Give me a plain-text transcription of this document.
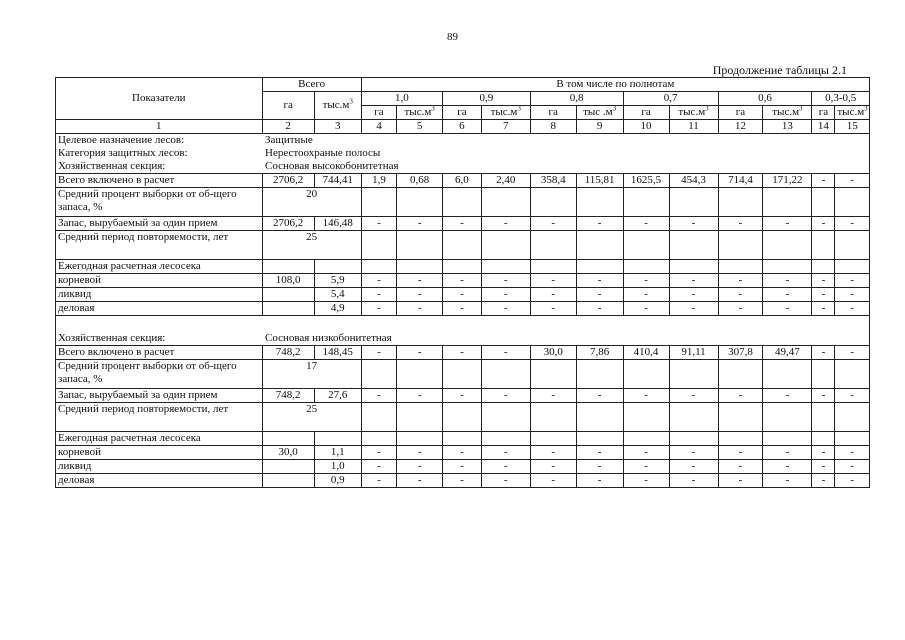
89
Продолжение таблицы 2.1
Показатели	Всего		В том числе по полнотам											
	га	$тыс.м^3$	1,0		0,9		0,8		0,7		0,6		0,3-0,5	
			га	$тыс.м^3$	га	$тыс.м^3$	га	тыс $.м^3$	га	$тыс.м^3$	га	$тыс.м^3$	га	$тыс.м^3$
1	2	3	4	5	6	7	8	9	10	11	12	13	14	15
Целевое назначение лесов: Защитные														
Категория защитных лесов: Нерестоохраные полосы														
Хозяйственная секция: Сосновая высокобонитетная														
Всего включено в расчет	2706,2	744,41	1,9	0,68	6,0	2,40	358,4	115,81	1625,5	454,3	714,4	171,22	-	-
Средний процент выборки от об-щего запаса, %	20													
Запас, вырубаемый за один прием	2706,2	146,48	-	-	-	-	-	-	-	-	-	-	-	-
Средний период повторяемости, лет	25													
Ежегодная расчетная лесосека														
корневой	108,0	5,9	-	-	-	-	-	-	-	-	-	-	-	-
ликвид		5,4	-	-	-	-	-	-	-	-	-	-	-	-
деловая		4,9	-	-	-	-	-	-	-	-	-	-	-	-

Хозяйственная секция: Сосновая низкобонитетная														
Всего включено в расчет	748,2	148,45	-	-	-	-	30,0	7,86	410,4	91,11	307,8	49,47	-	-
Средний процент выборки от об-щего запаса, %	17													
Запас, вырубаемый за один прием	748,2	27,6	-	-	-	-	-	-	-	-	-	-	-	-
Средний период повторяемости, лет	25													
Ежегодная расчетная лесосека														
корневой	30,0	1,1	-	-	-	-	-	-	-	-	-	-	-	-
ликвид		1,0	-	-	-	-	-	-	-	-	-	-	-	-
деловая		0,9	-	-	-	-	-	-	-	-	-	-	-	-
